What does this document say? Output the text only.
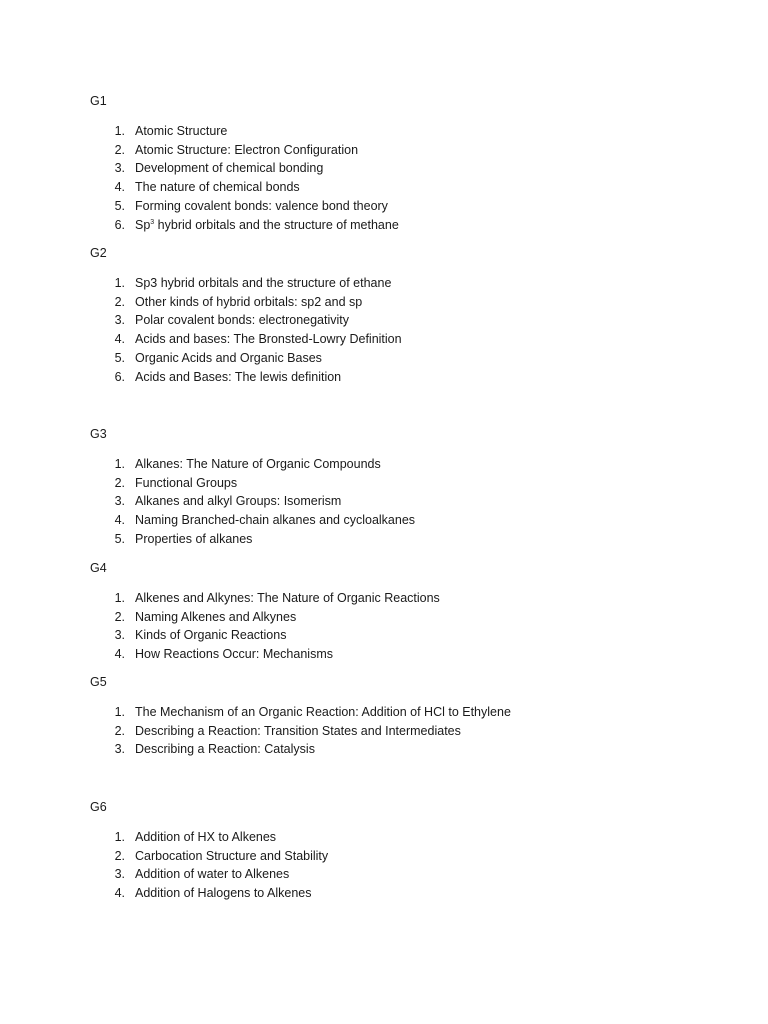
G1
1. Atomic Structure
2. Atomic Structure: Electron Configuration
3. Development of chemical bonding
4. The nature of chemical bonds
5. Forming covalent bonds: valence bond theory
6. Sp$^3$ hybrid orbitals and the structure of methane
G2
1. Sp3 hybrid orbitals and the structure of ethane
2. Other kinds of hybrid orbitals: sp2 and sp
3. Polar covalent bonds: electronegativity
4. Acids and bases: The Bronsted-Lowry Definition
5. Organic Acids and Organic Bases
6. Acids and Bases: The lewis definition
G3
1. Alkanes: The Nature of Organic Compounds
2. Functional Groups
3. Alkanes and alkyl Groups: Isomerism
4. Naming Branched-chain alkanes and cycloalkanes
5. Properties of alkanes
G4
1. Alkenes and Alkynes: The Nature of Organic Reactions
2. Naming Alkenes and Alkynes
3. Kinds of Organic Reactions
4. How Reactions Occur: Mechanisms
G5
1. The Mechanism of an Organic Reaction: Addition of HCl to Ethylene
2. Describing a Reaction: Transition States and Intermediates
3. Describing a Reaction: Catalysis
G6
1. Addition of HX to Alkenes
2. Carbocation Structure and Stability
3. Addition of water to Alkenes
4. Addition of Halogens to Alkenes
